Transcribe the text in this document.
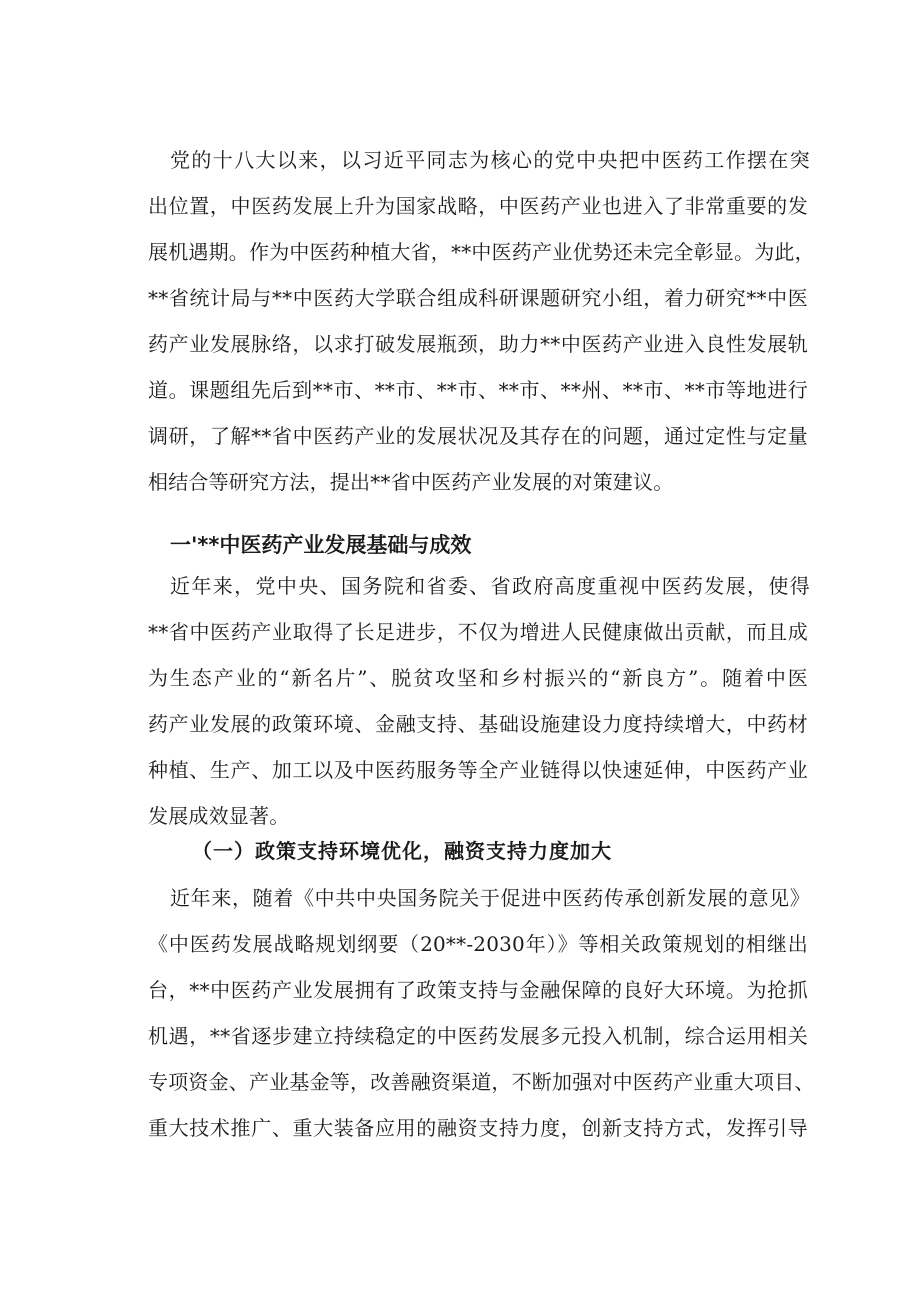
党的十八大以来，以习近平同志为核心的党中央把中医药工作摆在突
出位置，中医药发展上升为国家战略，中医药产业也进入了非常重要的发
展机遇期。作为中医药种植大省，**中医药产业优势还未完全彰显。为此，
**省统计局与**中医药大学联合组成科研课题研究小组，着力研究**中医
药产业发展脉络，以求打破发展瓶颈，助力**中医药产业进入良性发展轨
道。课题组先后到**市、**市、**市、**市、**州、**市、**市等地进行
调研，了解**省中医药产业的发展状况及其存在的问题，通过定性与定量
相结合等研究方法，提出**省中医药产业发展的对策建议。
一'**中医药产业发展基础与成效
近年来，党中央、国务院和省委、省政府高度重视中医药发展，使得
**省中医药产业取得了长足进步，不仅为增进人民健康做出贡献，而且成
为生态产业的“新名片”、脱贫攻坚和乡村振兴的“新良方”。随着中医
药产业发展的政策环境、金融支持、基础设施建设力度持续增大，中药材
种植、生产、加工以及中医药服务等全产业链得以快速延伸，中医药产业
发展成效显著。
（一）政策支持环境优化，融资支持力度加大
近年来，随着《中共中央国务院关于促进中医药传承创新发展的意见》
《中医药发展战略规划纲要（20**-2030年）》等相关政策规划的相继出
台，**中医药产业发展拥有了政策支持与金融保障的良好大环境。为抢抓
机遇，**省逐步建立持续稳定的中医药发展多元投入机制，综合运用相关
专项资金、产业基金等，改善融资渠道，不断加强对中医药产业重大项目、
重大技术推广、重大装备应用的融资支持力度，创新支持方式，发挥引导
